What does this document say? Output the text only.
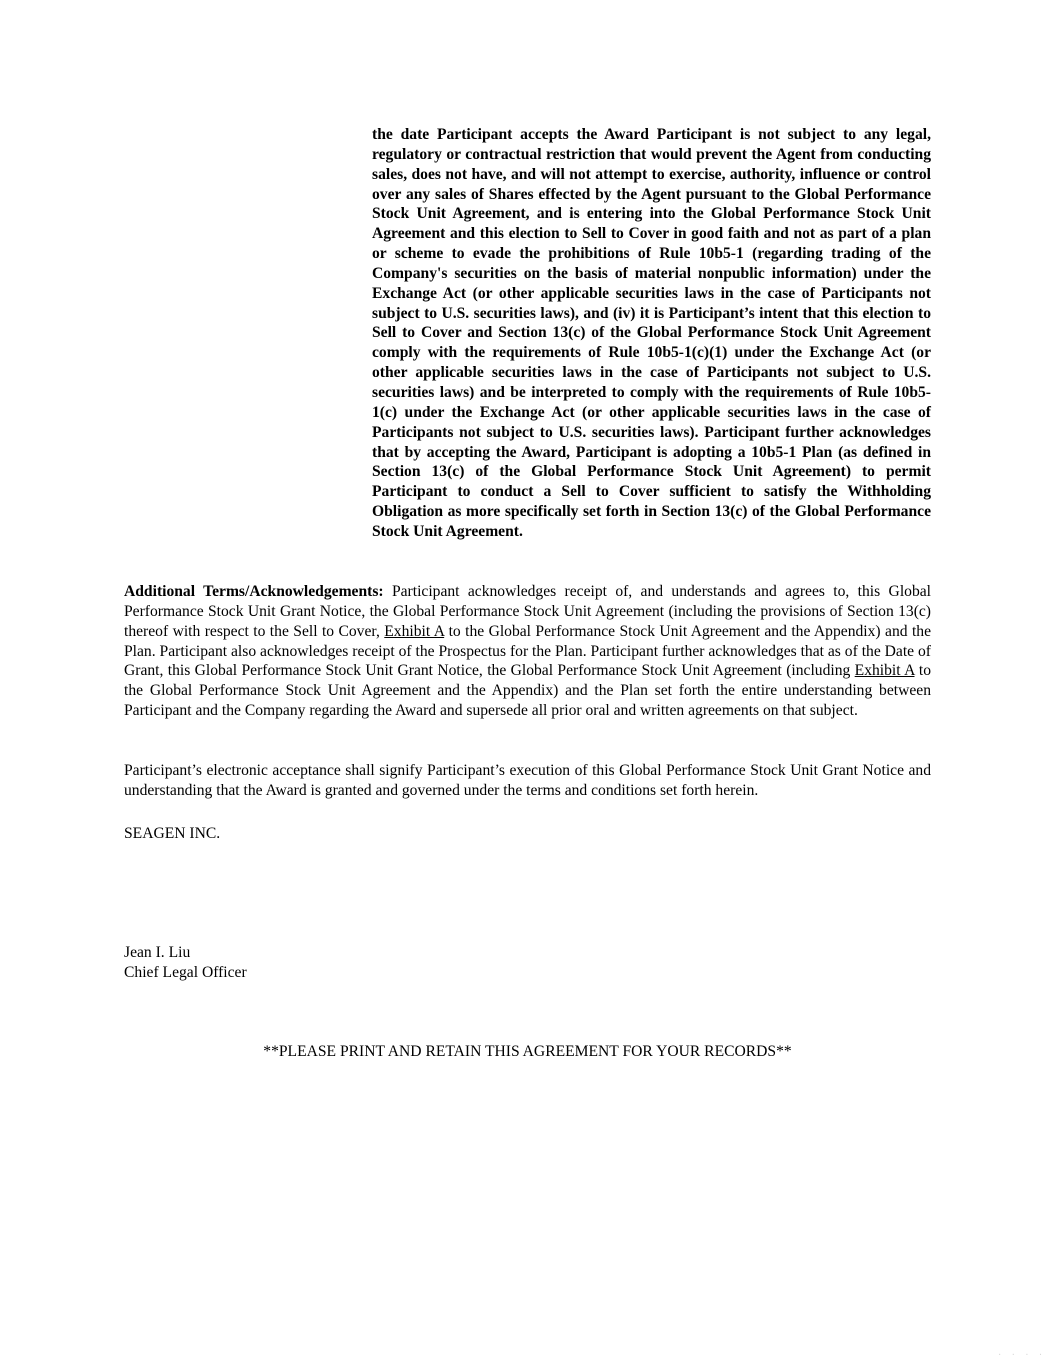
the date Participant accepts the Award Participant is not subject to any legal, regulatory or contractual restriction that would prevent the Agent from conducting sales, does not have, and will not attempt to exercise, authority, influence or control over any sales of Shares effected by the Agent pursuant to the Global Performance Stock Unit Agreement, and is entering into the Global Performance Stock Unit Agreement and this election to Sell to Cover in good faith and not as part of a plan or scheme to evade the prohibitions of Rule 10b5-1 (regarding trading of the Company's securities on the basis of material nonpublic information) under the Exchange Act (or other applicable securities laws in the case of Participants not subject to U.S. securities laws), and (iv) it is Participant’s intent that this election to Sell to Cover and Section 13(c) of the Global Performance Stock Unit Agreement comply with the requirements of Rule 10b5-1(c)(1) under the Exchange Act (or other applicable securities laws in the case of Participants not subject to U.S. securities laws) and be interpreted to comply with the requirements of Rule 10b5-1(c) under the Exchange Act (or other applicable securities laws in the case of Participants not subject to U.S. securities laws). Participant further acknowledges that by accepting the Award, Participant is adopting a 10b5-1 Plan (as defined in Section 13(c) of the Global Performance Stock Unit Agreement) to permit Participant to conduct a Sell to Cover sufficient to satisfy the Withholding Obligation as more specifically set forth in Section 13(c) of the Global Performance Stock Unit Agreement.

Additional Terms/Acknowledgements: Participant acknowledges receipt of, and understands and agrees to, this Global Performance Stock Unit Grant Notice, the Global Performance Stock Unit Agreement (including the provisions of Section 13(c) thereof with respect to the Sell to Cover, Exhibit A to the Global Performance Stock Unit Agreement and the Appendix) and the Plan. Participant also acknowledges receipt of the Prospectus for the Plan. Participant further acknowledges that as of the Date of Grant, this Global Performance Stock Unit Grant Notice, the Global Performance Stock Unit Agreement (including Exhibit A to the Global Performance Stock Unit Agreement and the Appendix) and the Plan set forth the entire understanding between Participant and the Company regarding the Award and supersede all prior oral and written agreements on that subject.

Participant’s electronic acceptance shall signify Participant’s execution of this Global Performance Stock Unit Grant Notice and understanding that the Award is granted and governed under the terms and conditions set forth herein.

SEAGEN INC.

Jean I. Liu
Chief Legal Officer

**PLEASE PRINT AND RETAIN THIS AGREEMENT FOR YOUR RECORDS**

· · · ·
